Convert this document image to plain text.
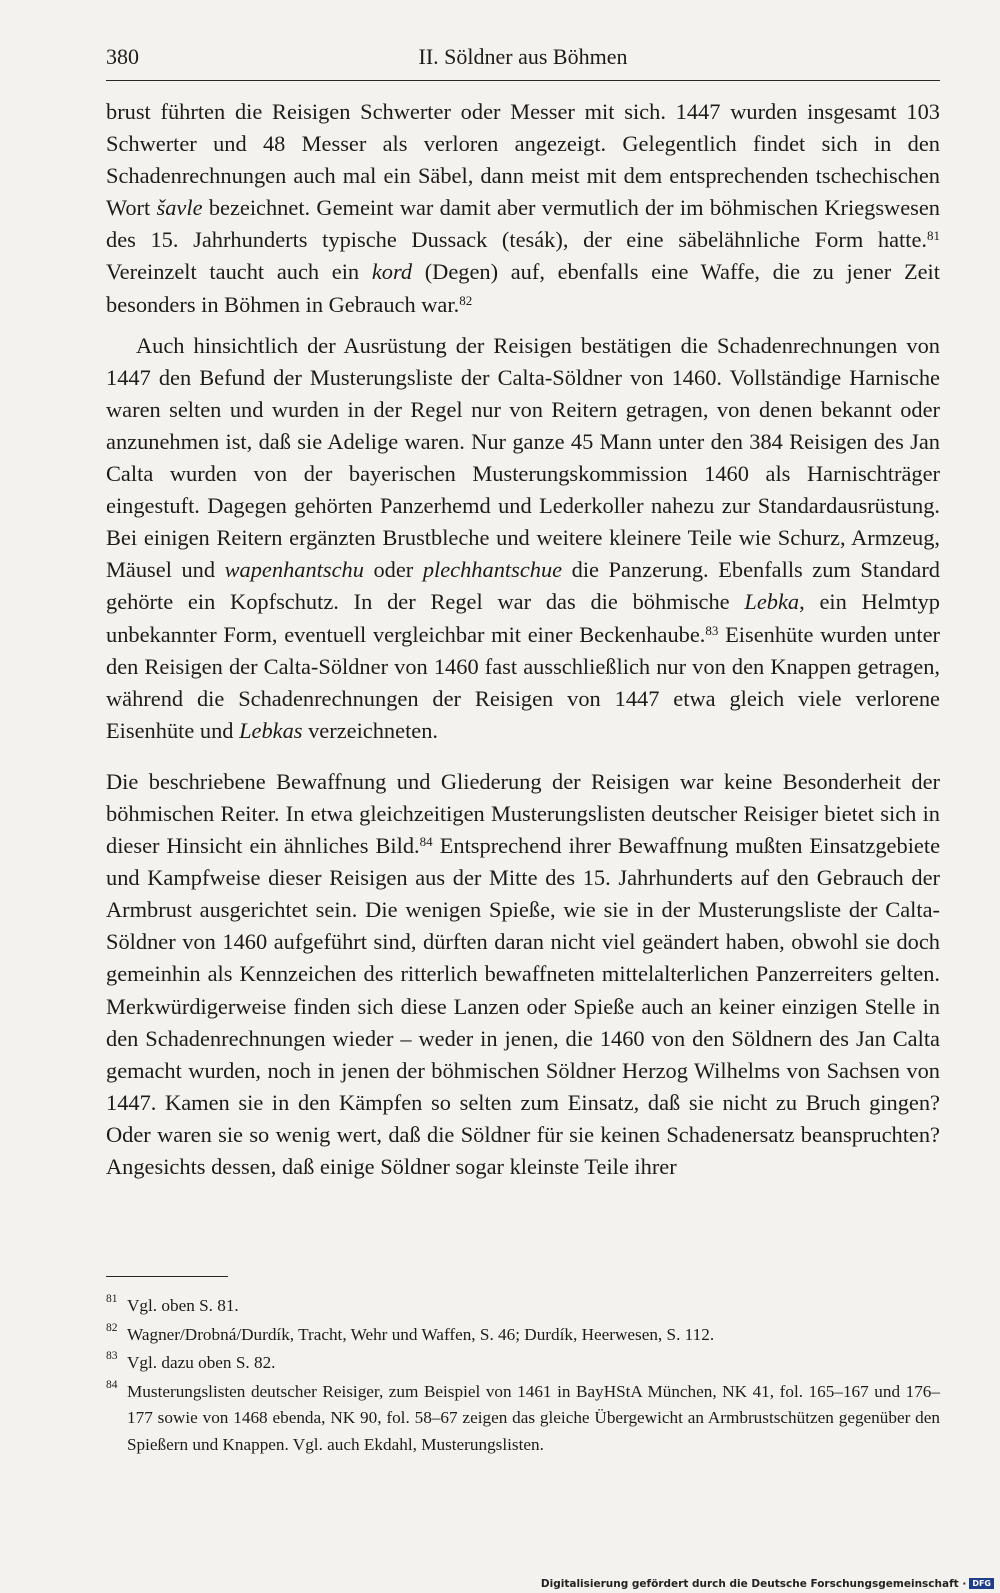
380	II. Söldner aus Böhmen

brust führten die Reisigen Schwerter oder Messer mit sich. 1447 wurden insgesamt 103 Schwerter und 48 Messer als verloren angezeigt. Gelegentlich findet sich in den Schadenrechnungen auch mal ein Säbel, dann meist mit dem entsprechenden tschechischen Wort šavle bezeichnet. Gemeint war damit aber vermutlich der im böhmischen Kriegswesen des 15. Jahrhunderts typische Dussack (tesák), der eine säbelähnliche Form hatte.$^{81}$ Vereinzelt taucht auch ein kord (Degen) auf, ebenfalls eine Waffe, die zu jener Zeit besonders in Böhmen in Gebrauch war.$^{82}$

Auch hinsichtlich der Ausrüstung der Reisigen bestätigen die Schadenrechnungen von 1447 den Befund der Musterungsliste der Calta-Söldner von 1460. Vollständige Harnische waren selten und wurden in der Regel nur von Reitern getragen, von denen bekannt oder anzunehmen ist, daß sie Adelige waren. Nur ganze 45 Mann unter den 384 Reisigen des Jan Calta wurden von der bayerischen Musterungskommission 1460 als Harnischträger eingestuft. Dagegen gehörten Panzerhemd und Lederkoller nahezu zur Standardausrüstung. Bei einigen Reitern ergänzten Brustbleche und weitere kleinere Teile wie Schurz, Armzeug, Mäusel und wapenhantschu oder plechhantschue die Panzerung. Ebenfalls zum Standard gehörte ein Kopfschutz. In der Regel war das die böhmische Lebka, ein Helmtyp unbekannter Form, eventuell vergleichbar mit einer Beckenhaube.$^{83}$ Eisenhüte wurden unter den Reisigen der Calta-Söldner von 1460 fast ausschließlich nur von den Knappen getragen, während die Schadenrechnungen der Reisigen von 1447 etwa gleich viele verlorene Eisenhüte und Lebkas verzeichneten.

Die beschriebene Bewaffnung und Gliederung der Reisigen war keine Besonderheit der böhmischen Reiter. In etwa gleichzeitigen Musterungslisten deutscher Reisiger bietet sich in dieser Hinsicht ein ähnliches Bild.$^{84}$ Entsprechend ihrer Bewaffnung mußten Einsatzgebiete und Kampfweise dieser Reisigen aus der Mitte des 15. Jahrhunderts auf den Gebrauch der Armbrust ausgerichtet sein. Die wenigen Spieße, wie sie in der Musterungsliste der Calta-Söldner von 1460 aufgeführt sind, dürften daran nicht viel geändert haben, obwohl sie doch gemeinhin als Kennzeichen des ritterlich bewaffneten mittelalterlichen Panzerreiters gelten. Merkwürdigerweise finden sich diese Lanzen oder Spieße auch an keiner einzigen Stelle in den Schadenrechnungen wieder – weder in jenen, die 1460 von den Söldnern des Jan Calta gemacht wurden, noch in jenen der böhmischen Söldner Herzog Wilhelms von Sachsen von 1447. Kamen sie in den Kämpfen so selten zum Einsatz, daß sie nicht zu Bruch gingen? Oder waren sie so wenig wert, daß die Söldner für sie keinen Schadenersatz beanspruchten? Angesichts dessen, daß einige Söldner sogar kleinste Teile ihrer

81 Vgl. oben S. 81.
82 Wagner/Drobná/Durdík, Tracht, Wehr und Waffen, S. 46; Durdík, Heerwesen, S. 112.
83 Vgl. dazu oben S. 82.
84 Musterungslisten deutscher Reisiger, zum Beispiel von 1461 in BayHStA München, NK 41, fol. 165–167 und 176–177 sowie von 1468 ebenda, NK 90, fol. 58–67 zeigen das gleiche Übergewicht an Armbrustschützen gegenüber den Spießern und Knappen. Vgl. auch Ekdahl, Musterungslisten.
Digitalisierung gefördert durch die Deutsche Forschungsgemeinschaft · DFG
